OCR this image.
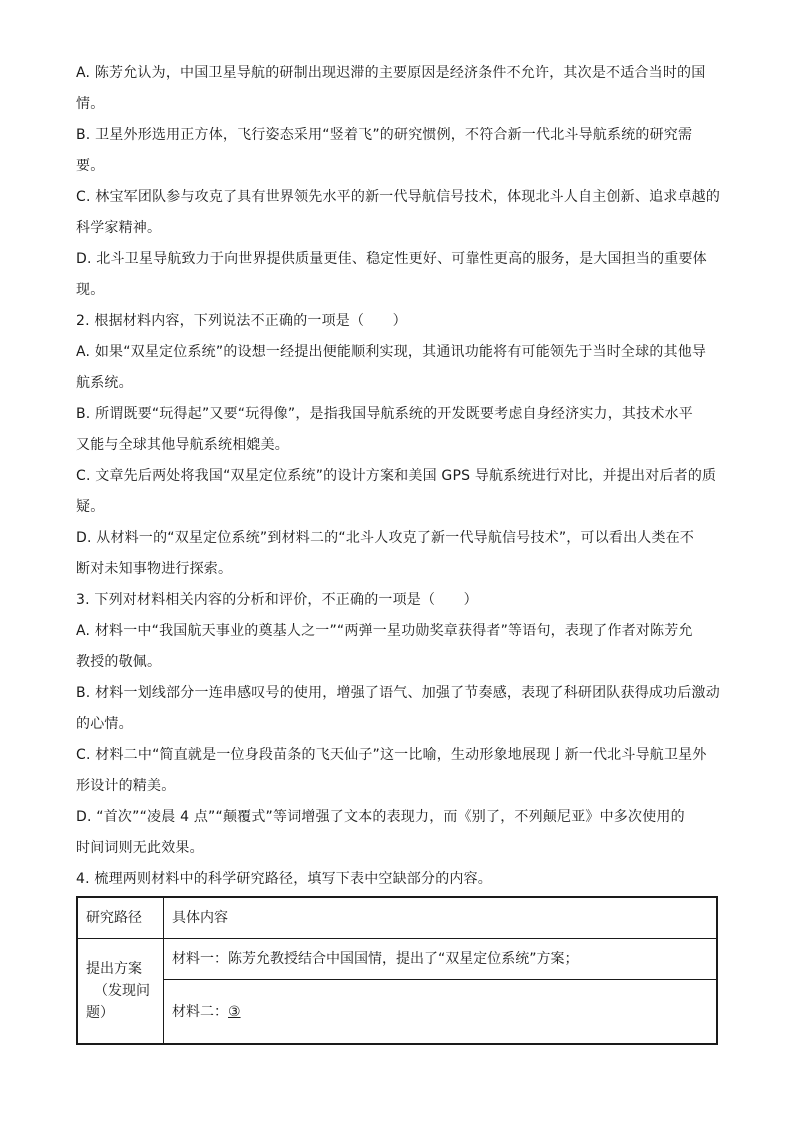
A. 陈芳允认为，中国卫星导航的研制出现迟滞的主要原因是经济条件不允许，其次是不适合当时的国
情。
B. 卫星外形选用正方体，飞行姿态采用“竖着飞”的研究惯例，不符合新一代北斗导航系统的研究需
要。
C. 林宝军团队参与攻克了具有世界领先水平的新一代导航信号技术，体现北斗人自主创新、追求卓越的
科学家精神。
D. 北斗卫星导航致力于向世界提供质量更佳、稳定性更好、可靠性更高的服务，是大国担当的重要体
现。
2. 根据材料内容，下列说法不正确的一项是（　　）
A. 如果“双星定位系统”的设想一经提出便能顺利实现，其通讯功能将有可能领先于当时全球的其他导
航系统。
B. 所谓既要“玩得起”又要“玩得像”，是指我国导航系统的开发既要考虑自身经济实力，其技术水平
又能与全球其他导航系统相媲美。
C. 文章先后两处将我国“双星定位系统”的设计方案和美国 GPS 导航系统进行对比，并提出对后者的质
疑。
D. 从材料一的“双星定位系统”到材料二的“北斗人攻克了新一代导航信号技术”，可以看出人类在不
断对未知事物进行探索。
3. 下列对材料相关内容的分析和评价，不正确的一项是（　　）
A. 材料一中“我国航天事业的奠基人之一”“两弹一星功勋奖章获得者”等语句，表现了作者对陈芳允
教授的敬佩。
B. 材料一划线部分一连串感叹号的使用，增强了语气、加强了节奏感，表现了科研团队获得成功后激动
的心情。
C. 材料二中“简直就是一位身段苗条的飞天仙子”这一比喻，生动形象地展现亅新一代北斗导航卫星外
形设计的精美。
D. “首次”“凌晨 4 点”“颠覆式”等词增强了文本的表现力，而《别了，不列颠尼亚》中多次使用的
时间词则无此效果。
4. 梳理两则材料中的科学研究路径，填写下表中空缺部分的内容。
研究路径	具体内容

提出方案
（发现问
题）	材料一：陈芳允教授结合中国国情，提出了“双星定位系统”方案；
	材料二：③
